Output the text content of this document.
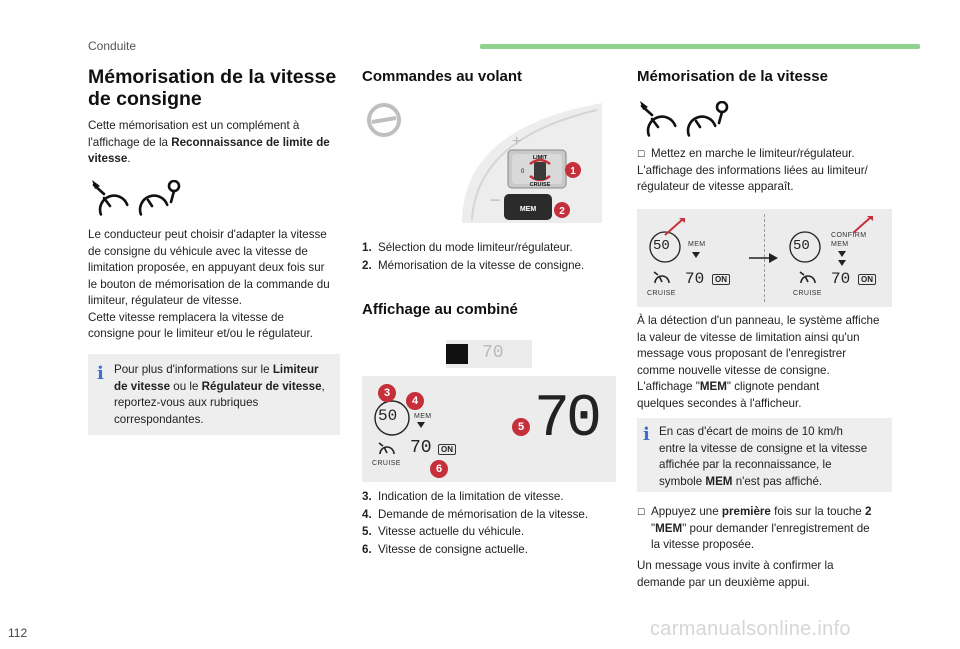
Conduite
Mémorisation de la vitesse
de consigne
Cette mémorisation est un complément à
l'affichage de la Reconnaissance de limite de vitesse.
Le conducteur peut choisir d'adapter la vitesse
de consigne du véhicule avec la vitesse de
limitation proposée, en appuyant deux fois sur
le bouton de mémorisation de la commande du
limiteur, régulateur de vitesse.
Cette vitesse remplacera la vitesse de
consigne pour le limiteur et/ou le régulateur.
i Pour plus d'informations sur le Limiteur de vitesse ou le Régulateur de vitesse, reportez-vous aux rubriques correspondantes.
Commandes au volant
+
−
LIMIT
CRUISE
0
MEM
1
2
1. Sélection du mode limiteur/régulateur.
2. Mémorisation de la vitesse de consigne.
Affichage au combiné
70
50 MEM
CRUISE
70	ON 70
3
4
5
6
3. Indication de la limitation de vitesse.
4. Demande de mémorisation de la vitesse.
5. Vitesse actuelle du véhicule.
6. Vitesse de consigne actuelle.
Mémorisation de la vitesse
☐ Mettez en marche le limiteur/régulateur.
L'affichage des informations liées au limiteur/
régulateur de vitesse apparaît.
50	MEM
CRUISE
70	ON
50
CONFIRM
MEM
CRUISE
70	ON
À la détection d'un panneau, le système affiche
la valeur de vitesse de limitation ainsi qu'un
message vous proposant de l'enregistrer
comme nouvelle vitesse de consigne.
L'affichage "MEM" clignote pendant
quelques secondes à l'afficheur.
i En cas d'écart de moins de 10 km/h
entre la vitesse de consigne et la vitesse
affichée par la reconnaissance, le
symbole MEM n'est pas affiché.
☐ Appuyez une première fois sur la touche 2
"MEM" pour demander l'enregistrement de
la vitesse proposée.
Un message vous invite à confirmer la
demande par un deuxième appui.
112	carmanualsonline.info
